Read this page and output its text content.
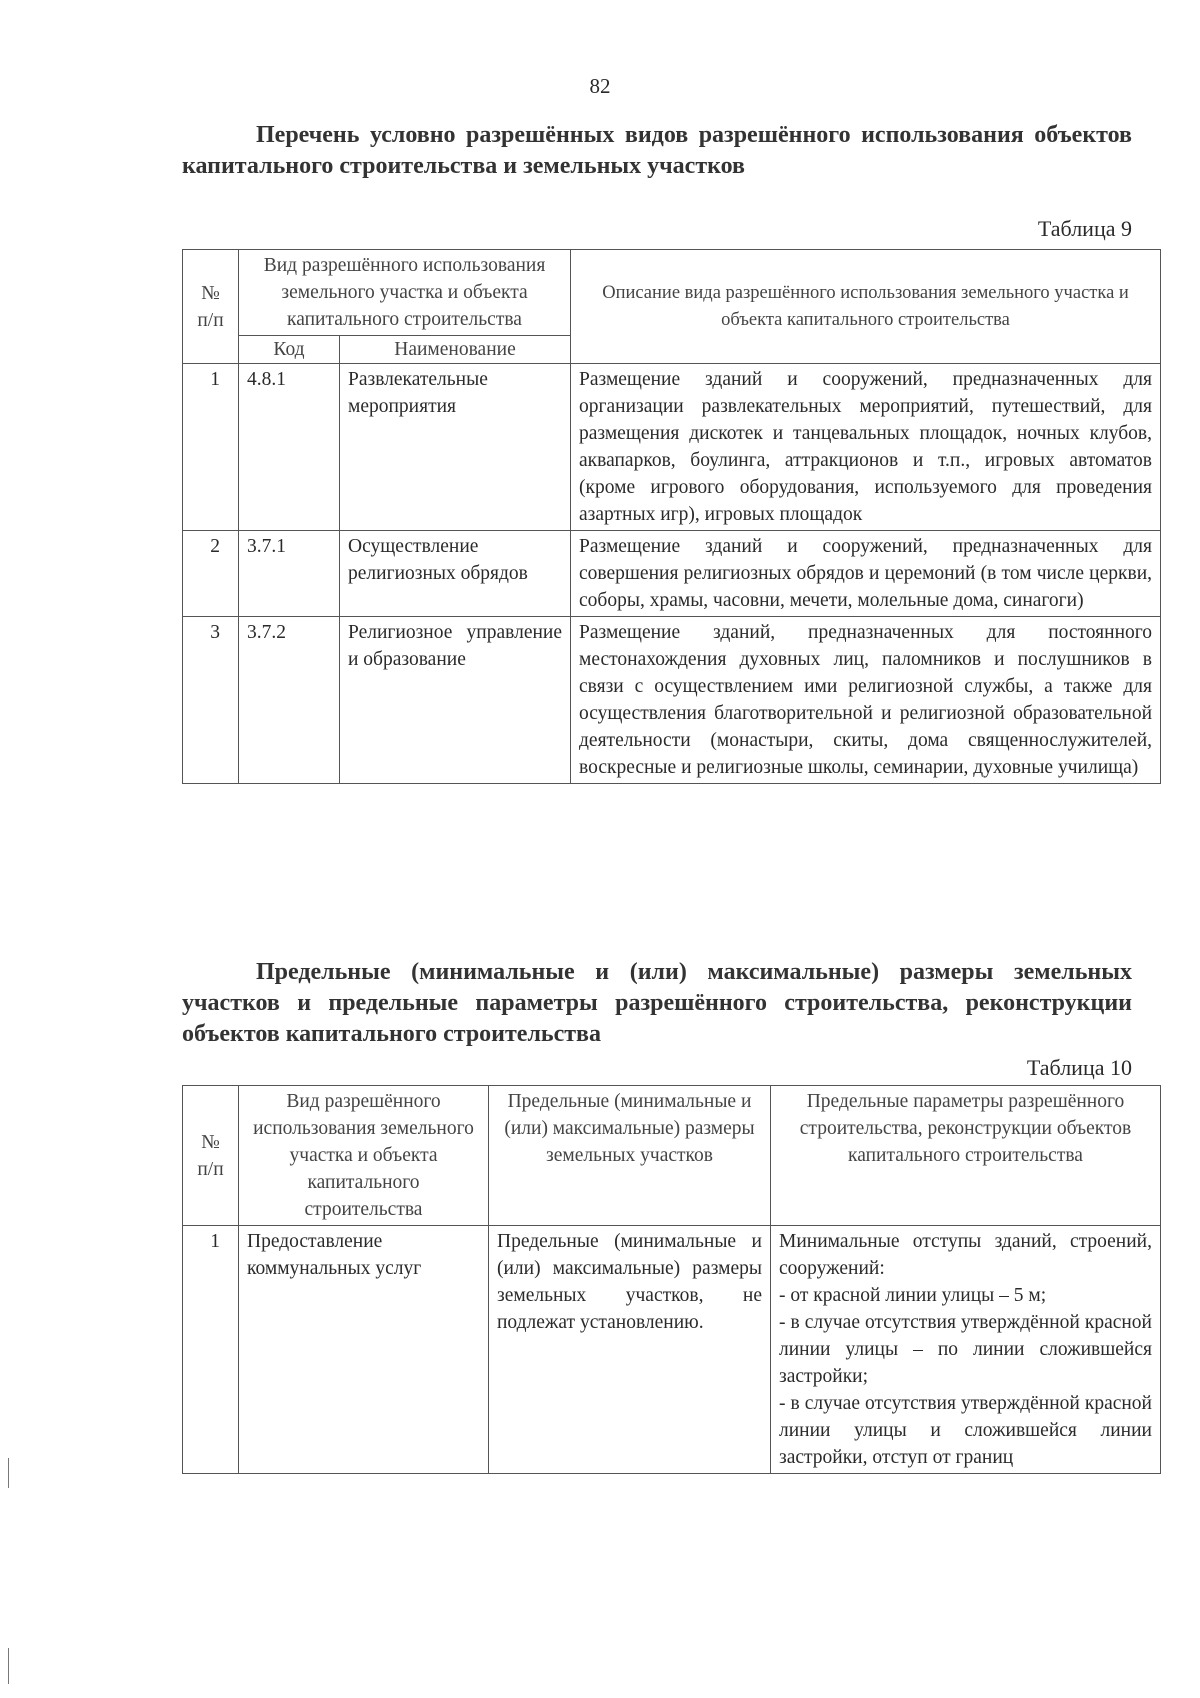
82
Перечень условно разрешённых видов разрешённого использования объектов капитального строительства и земельных участков
Таблица 9
№ п/п	Вид разрешённого использования земельного участка и объекта капитального строительства		Описание вида разрешённого использования земельного участка и объекта капитального строительства
	Код	Наименование	
1	4.8.1	Развлекательные мероприятия	Размещение зданий и сооружений, предназначенных для организации развлекательных мероприятий, путешествий, для размещения дискотек и танцевальных площадок, ночных клубов, аквапарков, боулинга, аттракционов и т.п., игровых автоматов (кроме игрового оборудования, используемого для проведения азартных игр), игровых площадок
2	3.7.1	Осуществление религиозных обрядов	Размещение зданий и сооружений, предназначенных для совершения религиозных обрядов и церемоний (в том числе церкви, соборы, храмы, часовни, мечети, молельные дома, синагоги)
3	3.7.2	Религиозное управление и образование	Размещение зданий, предназначенных для постоянного местонахождения духовных лиц, паломников и послушников в связи с осуществлением ими религиозной службы, а также для осуществления благотворительной и религиозной образовательной деятельности (монастыри, скиты, дома священнослужителей, воскресные и религиозные школы, семинарии, духовные училища)
Предельные (минимальные и (или) максимальные) размеры земельных участков и предельные параметры разрешённого строительства, реконструкции объектов капитального строительства
Таблица 10
№ п/п	Вид разрешённого использования земельного участка и объекта капитального строительства	Предельные (минимальные и (или) максимальные) размеры земельных участков	Предельные параметры разрешённого строительства, реконструкции объектов капитального строительства
1	Предоставление коммунальных услуг	Предельные (минимальные и (или) максимальные) размеры земельных участков, не подлежат установлению.	Минимальные отступы зданий, строений, сооружений:
- от красной линии улицы – 5 м;
- в случае отсутствия утверждённой красной линии улицы – по линии сложившейся застройки;
- в случае отсутствия утверждённой красной линии улицы и сложившейся линии застройки, отступ от границ
